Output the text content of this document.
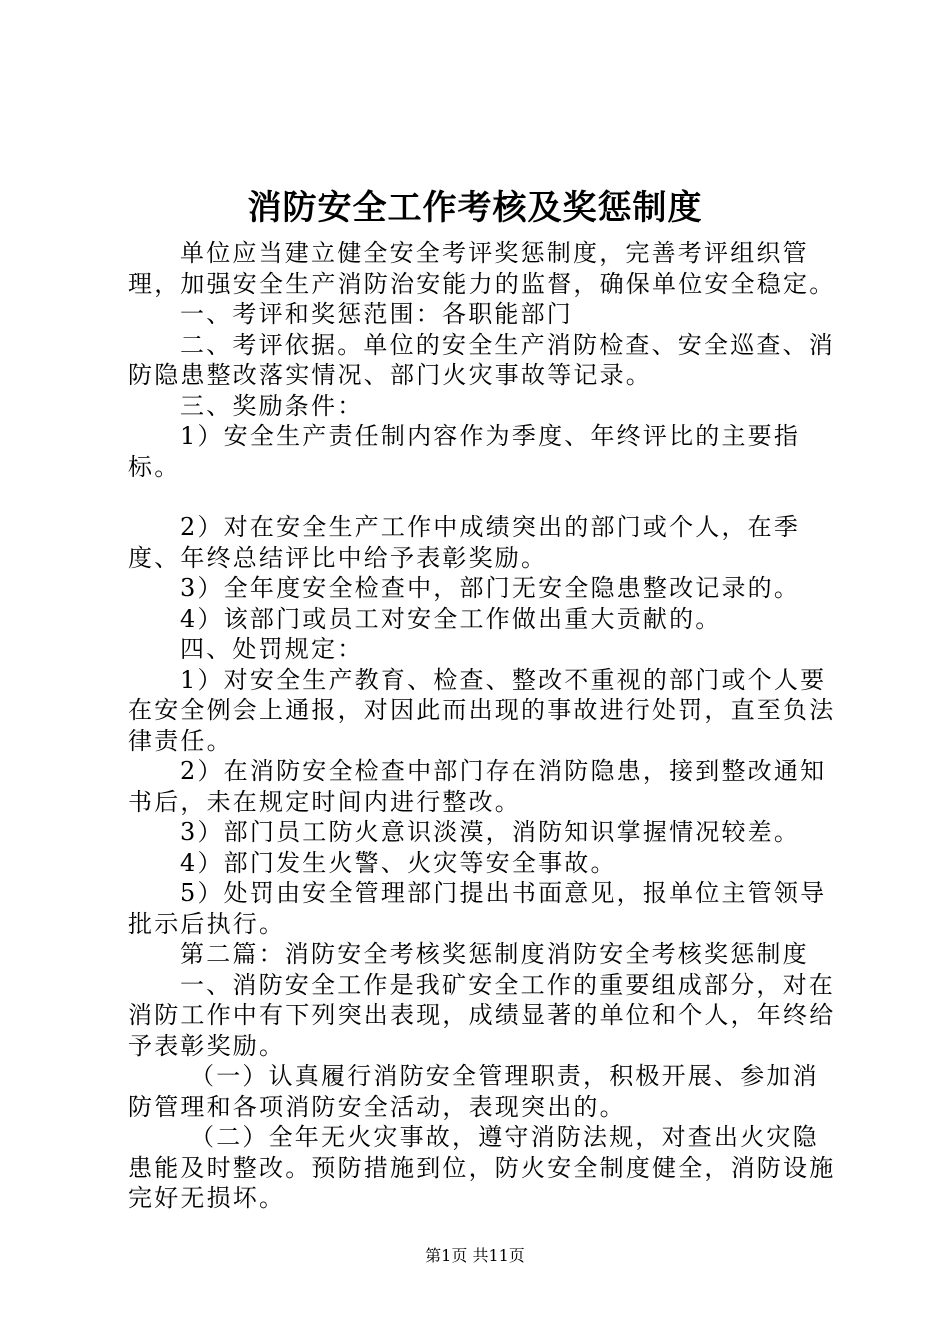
消防安全工作考核及奖惩制度

单位应当建立健全安全考评奖惩制度，完善考评组织管理，加强安全生产消防治安能力的监督，确保单位安全稳定。

一、考评和奖惩范围：各职能部门

二、考评依据。单位的安全生产消防检查、安全巡查、消防隐患整改落实情况、部门火灾事故等记录。

三、奖励条件：

1）安全生产责任制内容作为季度、年终评比的主要指标。

2）对在安全生产工作中成绩突出的部门或个人，在季度、年终总结评比中给予表彰奖励。

3）全年度安全检查中，部门无安全隐患整改记录的。

4）该部门或员工对安全工作做出重大贡献的。

四、处罚规定：

1）对安全生产教育、检查、整改不重视的部门或个人要在安全例会上通报，对因此而出现的事故进行处罚，直至负法律责任。

2）在消防安全检查中部门存在消防隐患，接到整改通知书后，未在规定时间内进行整改。

3）部门员工防火意识淡漠，消防知识掌握情况较差。

4）部门发生火警、火灾等安全事故。

5）处罚由安全管理部门提出书面意见，报单位主管领导批示后执行。

第二篇：消防安全考核奖惩制度消防安全考核奖惩制度

一、消防安全工作是我矿安全工作的重要组成部分，对在消防工作中有下列突出表现，成绩显著的单位和个人，年终给予表彰奖励。

（一）认真履行消防安全管理职责，积极开展、参加消防管理和各项消防安全活动，表现突出的。

（二）全年无火灾事故，遵守消防法规，对查出火灾隐患能及时整改。预防措施到位，防火安全制度健全，消防设施完好无损坏。

第1页 共11页
